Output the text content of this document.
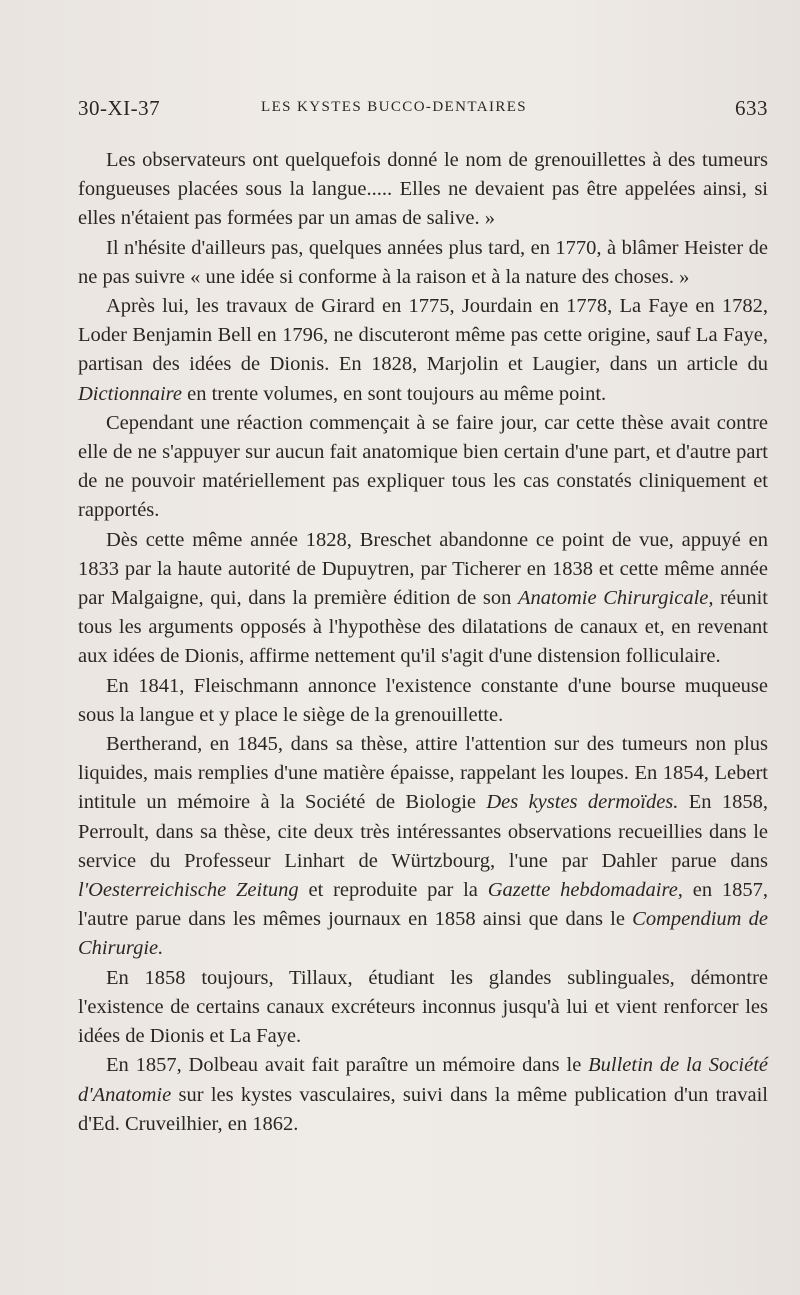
30-XI-37	LES KYSTES BUCCO-DENTAIRES	633

Les observateurs ont quelquefois donné le nom de grenouillettes à des tumeurs fongueuses placées sous la langue..... Elles ne devaient pas être appelées ainsi, si elles n'étaient pas formées par un amas de salive. »

Il n'hésite d'ailleurs pas, quelques années plus tard, en 1770, à blâmer Heister de ne pas suivre « une idée si conforme à la raison et à la nature des choses. »

Après lui, les travaux de Girard en 1775, Jourdain en 1778, La Faye en 1782, Loder Benjamin Bell en 1796, ne discuteront même pas cette origine, sauf La Faye, partisan des idées de Dionis. En 1828, Marjolin et Laugier, dans un article du Dictionnaire en trente volumes, en sont toujours au même point.

Cependant une réaction commençait à se faire jour, car cette thèse avait contre elle de ne s'appuyer sur aucun fait anatomique bien certain d'une part, et d'autre part de ne pouvoir matériellement pas expliquer tous les cas constatés cliniquement et rapportés.

Dès cette même année 1828, Breschet abandonne ce point de vue, appuyé en 1833 par la haute autorité de Dupuytren, par Ticherer en 1838 et cette même année par Malgaigne, qui, dans la première édition de son Anatomie Chirurgicale, réunit tous les arguments opposés à l'hypothèse des dilatations de canaux et, en revenant aux idées de Dionis, affirme nettement qu'il s'agit d'une distension folliculaire.

En 1841, Fleischmann annonce l'existence constante d'une bourse muqueuse sous la langue et y place le siège de la grenouillette.

Bertherand, en 1845, dans sa thèse, attire l'attention sur des tumeurs non plus liquides, mais remplies d'une matière épaisse, rappelant les loupes. En 1854, Lebert intitule un mémoire à la Société de Biologie Des kystes dermoïdes. En 1858, Perroult, dans sa thèse, cite deux très intéressantes observations recueillies dans le service du Professeur Linhart de Würtzbourg, l'une par Dahler parue dans l'Oesterreichische Zeitung et reproduite par la Gazette hebdomadaire, en 1857, l'autre parue dans les mêmes journaux en 1858 ainsi que dans le Compendium de Chirurgie.

En 1858 toujours, Tillaux, étudiant les glandes sublinguales, démontre l'existence de certains canaux excréteurs inconnus jusqu'à lui et vient renforcer les idées de Dionis et La Faye.

En 1857, Dolbeau avait fait paraître un mémoire dans le Bulletin de la Société d'Anatomie sur les kystes vasculaires, suivi dans la même publication d'un travail d'Ed. Cruveilhier, en 1862.
